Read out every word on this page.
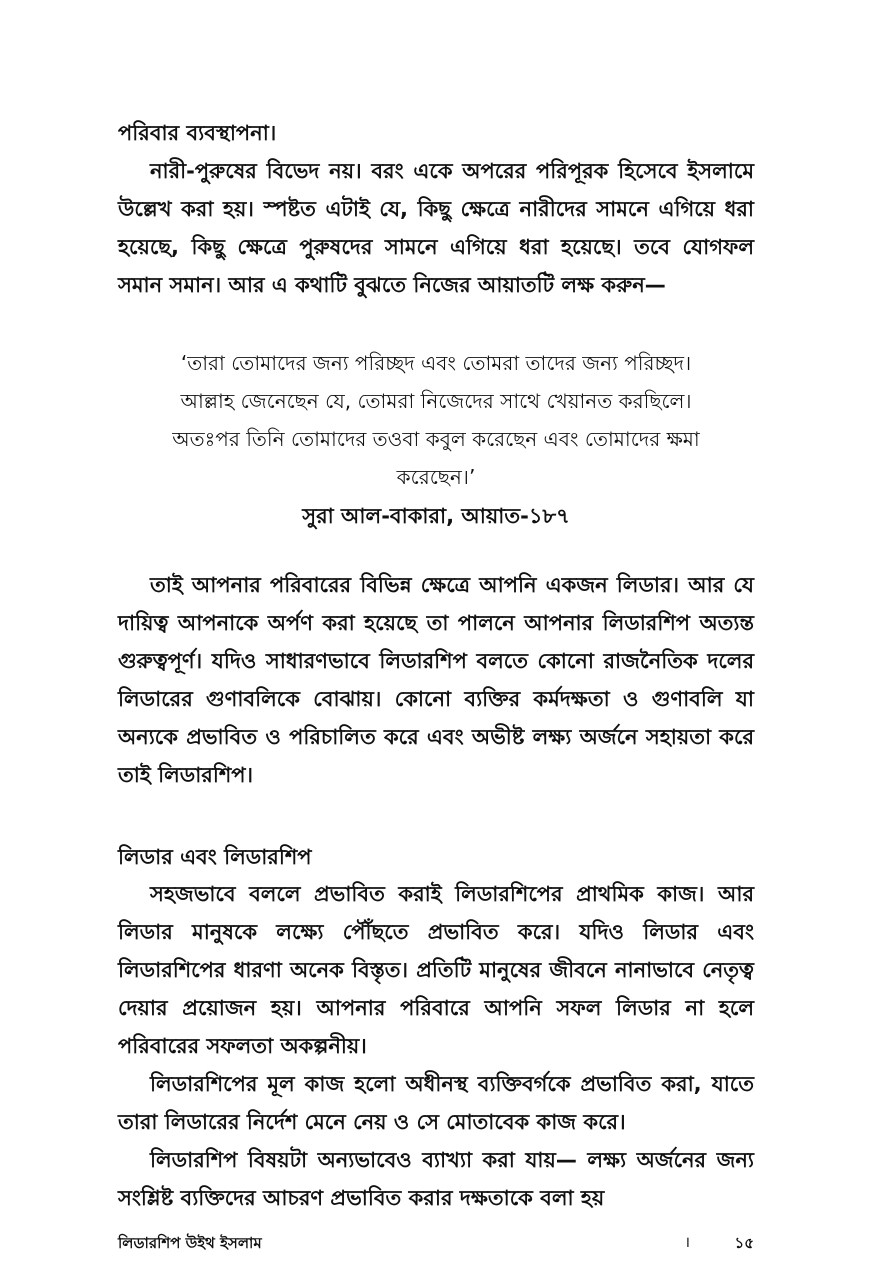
পরিবার ব্যবস্থাপনা।

নারী-পুরুষের বিভেদ নয়। বরং একে অপরের পরিপূরক হিসেবে ইসলামে উল্লেখ করা হয়। স্পষ্টত এটাই যে, কিছু ক্ষেত্রে নারীদের সামনে এগিয়ে ধরা হয়েছে, কিছু ক্ষেত্রে পুরুষদের সামনে এগিয়ে ধরা হয়েছে। তবে যোগফল সমান সমান। আর এ কথাটি বুঝতে নিজের আয়াতটি লক্ষ করুন—

‘তারা তোমাদের জন্য পরিচ্ছদ এবং তোমরা তাদের জন্য পরিচ্ছদ।

আল্লাহ জেনেছেন যে, তোমরা নিজেদের সাথে খেয়ানত করছিলে।

অতঃপর তিনি তোমাদের তওবা কবুল করেছেন এবং তোমাদের ক্ষমা

করেছেন।’

সুরা আল-বাকারা, আয়াত-১৮৭

তাই আপনার পরিবারের বিভিন্ন ক্ষেত্রে আপনি একজন লিডার। আর যে দায়িত্ব আপনাকে অর্পণ করা হয়েছে তা পালনে আপনার লিডারশিপ অত্যন্ত গুরুত্বপূর্ণ। যদিও সাধারণভাবে লিডারশিপ বলতে কোনো রাজনৈতিক দলের লিডারের গুণাবলিকে বোঝায়। কোনো ব্যক্তির কর্মদক্ষতা ও গুণাবলি যা অন্যকে প্রভাবিত ও পরিচালিত করে এবং অভীষ্ট লক্ষ্য অর্জনে সহায়তা করে তাই লিডারশিপ।

লিডার এবং লিডারশিপ

সহজভাবে বললে প্রভাবিত করাই লিডারশিপের প্রাথমিক কাজ। আর লিডার মানুষকে লক্ষ্যে পৌঁছতে প্রভাবিত করে। যদিও লিডার এবং লিডারশিপের ধারণা অনেক বিস্তৃত। প্রতিটি মানুষের জীবনে নানাভাবে নেতৃত্ব দেয়ার প্রয়োজন হয়। আপনার পরিবারে আপনি সফল লিডার না হলে পরিবারের সফলতা অকল্পনীয়।

লিডারশিপের মূল কাজ হলো অধীনস্থ ব্যক্তিবর্গকে প্রভাবিত করা, যাতে তারা লিডারের নির্দেশ মেনে নেয় ও সে মোতাবেক কাজ করে।

লিডারশিপ বিষয়টা অন্যভাবেও ব্যাখ্যা করা যায়— লক্ষ্য অর্জনের জন্য সংশ্লিষ্ট ব্যক্তিদের আচরণ প্রভাবিত করার দক্ষতাকে বলা হয়

লিডারশিপ উইথ ইসলাম	।	১৫
